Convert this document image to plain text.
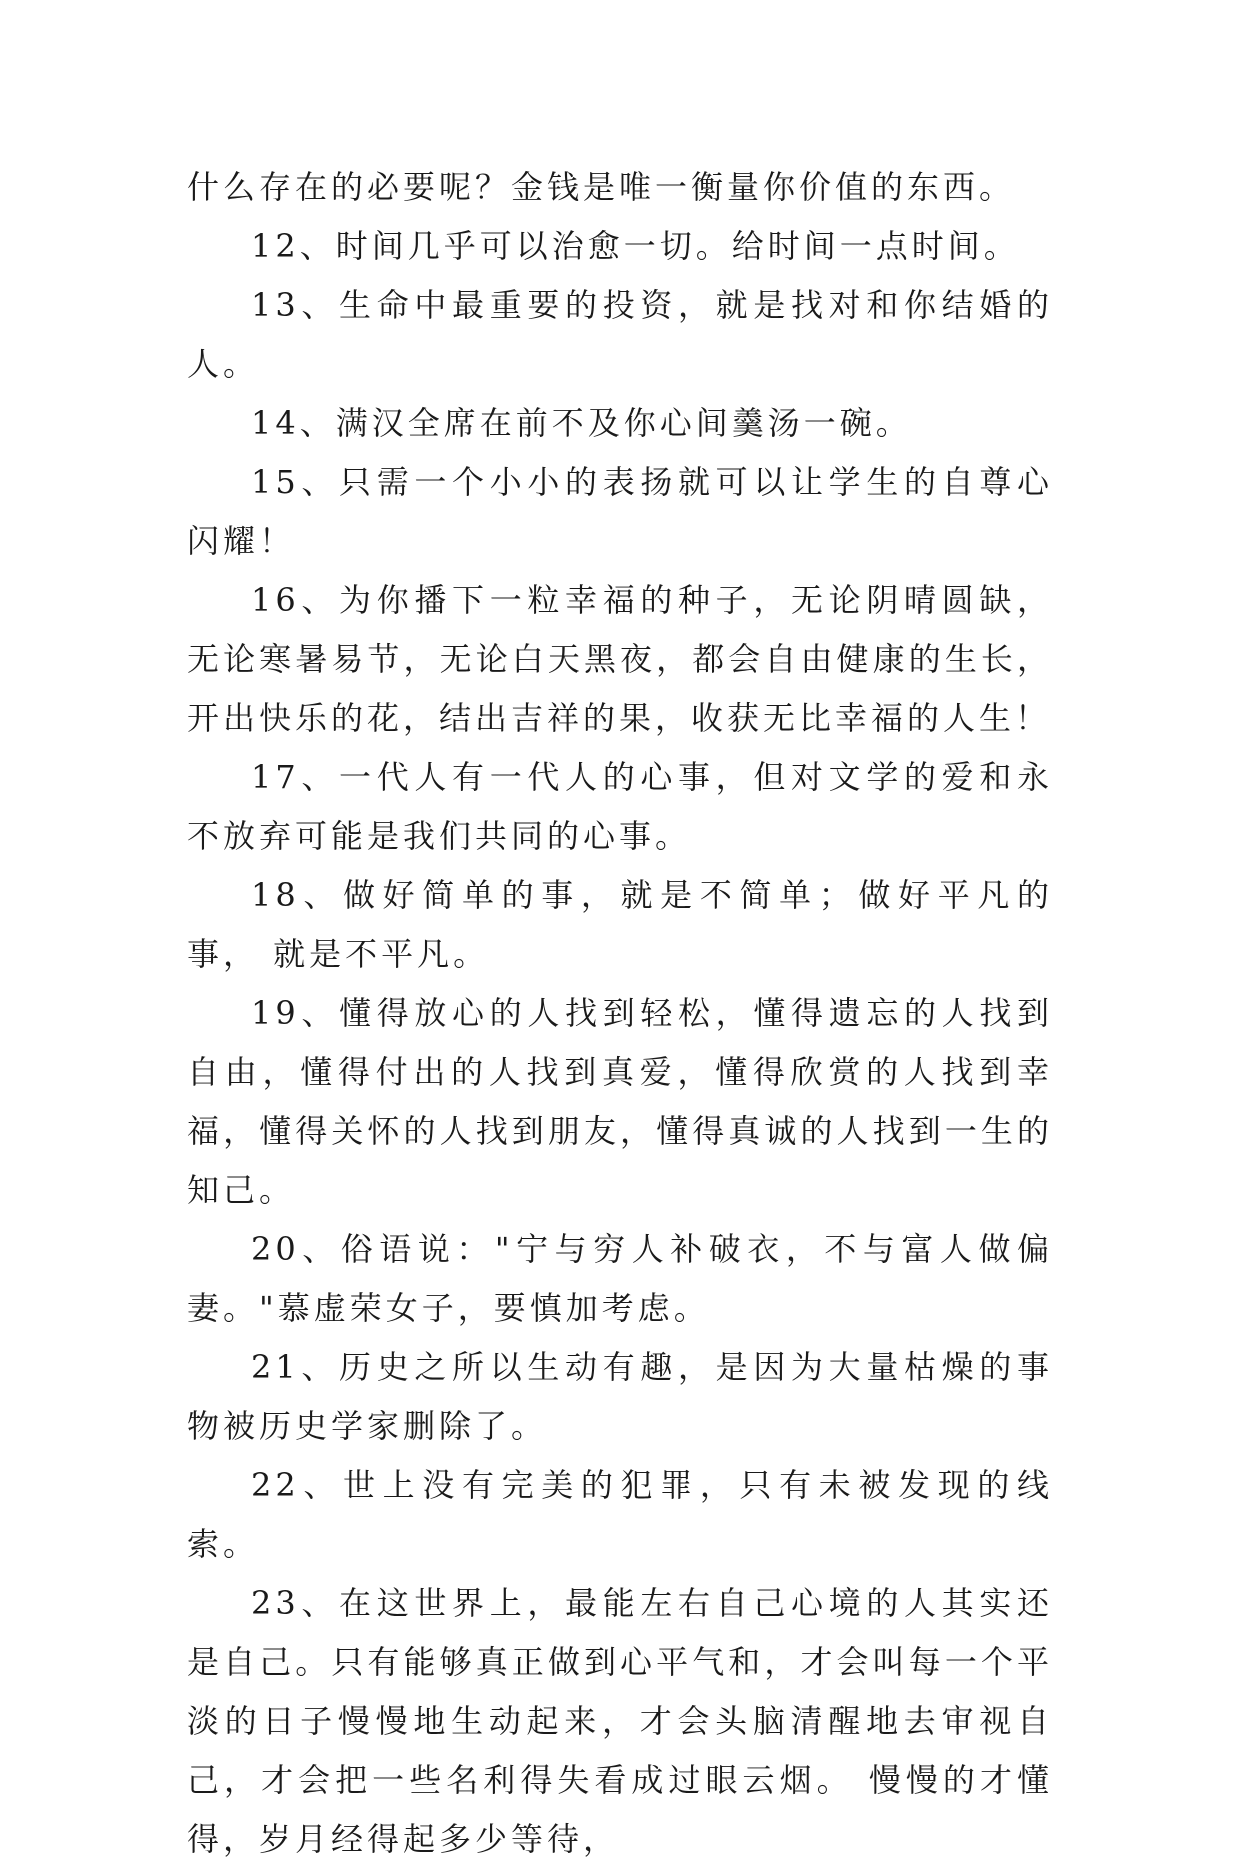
什么存在的必要呢？金钱是唯一衡量你价值的东西。

12、时间几乎可以治愈一切。给时间一点时间。

13、生命中最重要的投资，就是找对和你结婚的人。

14、满汉全席在前不及你心间羹汤一碗。

15、只需一个小小的表扬就可以让学生的自尊心闪耀！

16、为你播下一粒幸福的种子，无论阴晴圆缺，无论寒暑易节，无论白天黑夜，都会自由健康的生长，开出快乐的花，结出吉祥的果，收获无比幸福的人生！

17、一代人有一代人的心事，但对文学的爱和永不放弃可能是我们共同的心事。

18、做好简单的事，就是不简单；做好平凡的事， 就是不平凡。

19、懂得放心的人找到轻松，懂得遗忘的人找到自由，懂得付出的人找到真爱，懂得欣赏的人找到幸福，懂得关怀的人找到朋友，懂得真诚的人找到一生的知己。

20、俗语说："宁与穷人补破衣，不与富人做偏妻。"慕虚荣女子，要慎加考虑。

21、历史之所以生动有趣，是因为大量枯燥的事物被历史学家删除了。

22、世上没有完美的犯罪，只有未被发现的线索。

23、在这世界上，最能左右自己心境的人其实还是自己。只有能够真正做到心平气和，才会叫每一个平淡的日子慢慢地生动起来，才会头脑清醒地去审视自己，才会把一些名利得失看成过眼云烟。 慢慢的才懂得，岁月经得起多少等待，
